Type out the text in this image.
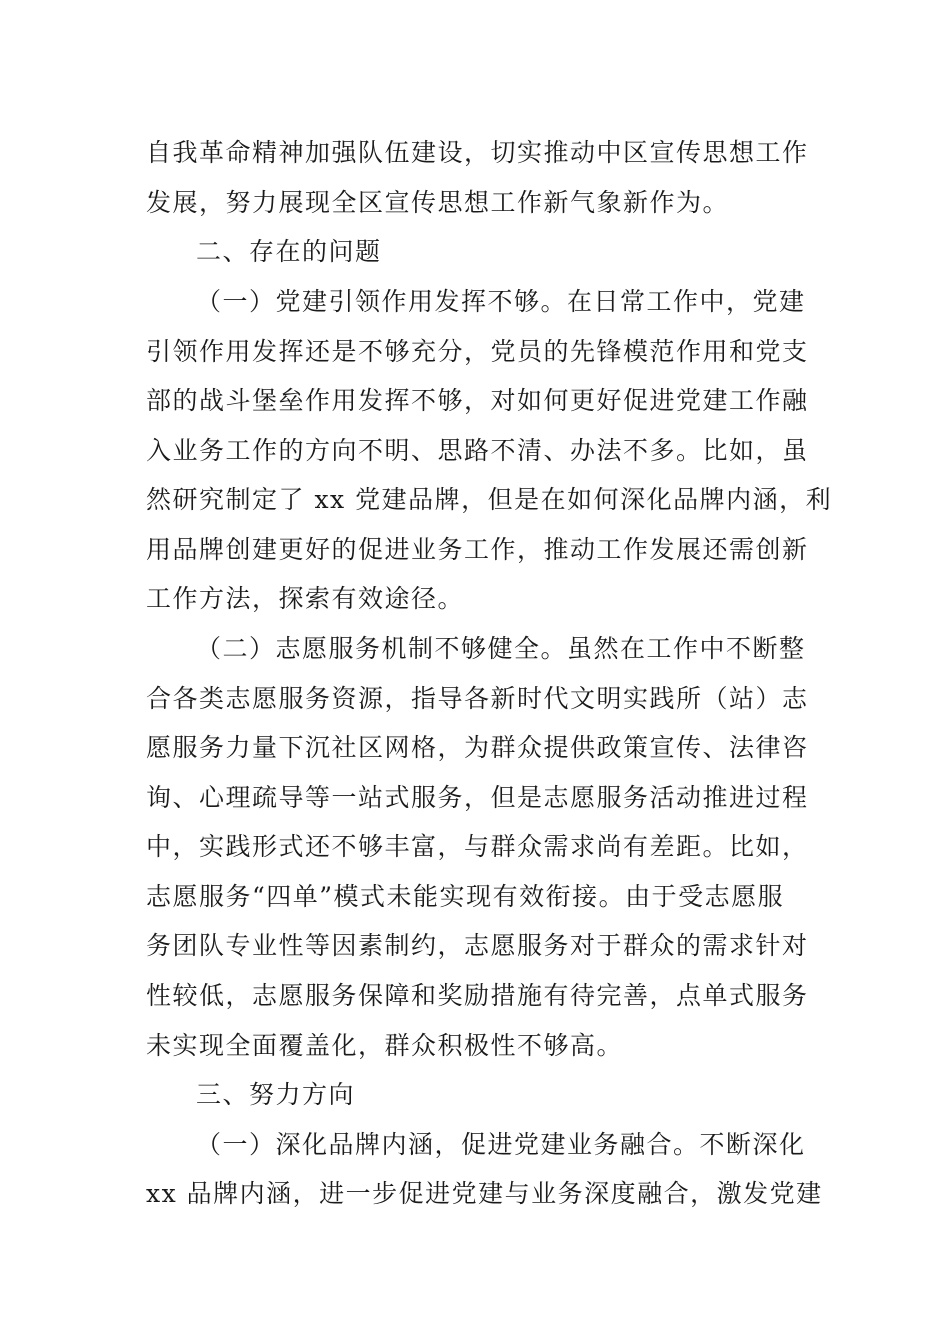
自我革命精神加强队伍建设，切实推动中区宣传思想工作
发展，努力展现全区宣传思想工作新气象新作为。
二、存在的问题
（一）党建引领作用发挥不够。在日常工作中，党建
引领作用发挥还是不够充分，党员的先锋模范作用和党支
部的战斗堡垒作用发挥不够，对如何更好促进党建工作融
入业务工作的方向不明、思路不清、办法不多。比如，虽
然研究制定了 xx 党建品牌，但是在如何深化品牌内涵，利
用品牌创建更好的促进业务工作，推动工作发展还需创新
工作方法，探索有效途径。
（二）志愿服务机制不够健全。虽然在工作中不断整
合各类志愿服务资源，指导各新时代文明实践所（站）志
愿服务力量下沉社区网格，为群众提供政策宣传、法律咨
询、心理疏导等一站式服务，但是志愿服务活动推进过程
中，实践形式还不够丰富，与群众需求尚有差距。比如，
志愿服务“四单”模式未能实现有效衔接。由于受志愿服
务团队专业性等因素制约，志愿服务对于群众的需求针对
性较低，志愿服务保障和奖励措施有待完善，点单式服务
未实现全面覆盖化，群众积极性不够高。
三、努力方向
（一）深化品牌内涵，促进党建业务融合。不断深化
xx 品牌内涵，进一步促进党建与业务深度融合，激发党建
